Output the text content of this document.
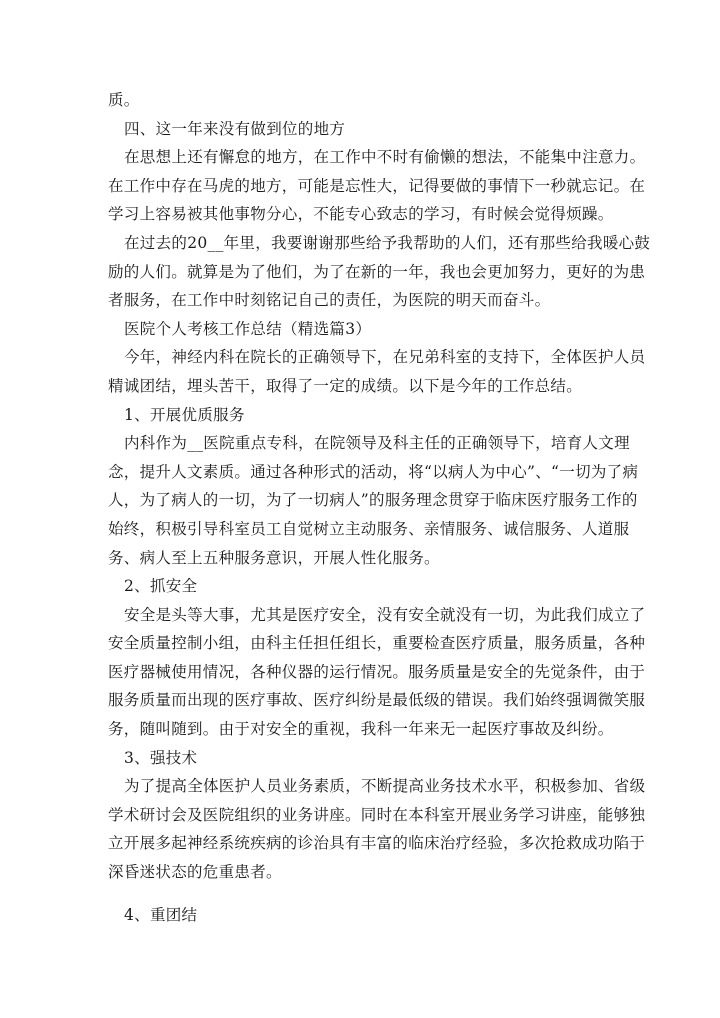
质。
四、这一年来没有做到位的地方
在思想上还有懈怠的地方，在工作中不时有偷懒的想法，不能集中注意力。
在工作中存在马虎的地方，可能是忘性大，记得要做的事情下一秒就忘记。在
学习上容易被其他事物分心，不能专心致志的学习，有时候会觉得烦躁。
在过去的20__年里，我要谢谢那些给予我帮助的人们，还有那些给我暖心鼓
励的人们。就算是为了他们，为了在新的一年，我也会更加努力，更好的为患
者服务，在工作中时刻铭记自己的责任，为医院的明天而奋斗。
医院个人考核工作总结（精选篇3）
今年，神经内科在院长的正确领导下，在兄弟科室的支持下，全体医护人员
精诚团结，埋头苦干，取得了一定的成绩。以下是今年的工作总结。
1、开展优质服务
内科作为__医院重点专科，在院领导及科主任的正确领导下，培育人文理
念，提升人文素质。通过各种形式的活动，将“以病人为中心”、“一切为了病
人，为了病人的一切，为了一切病人”的服务理念贯穿于临床医疗服务工作的
始终，积极引导科室员工自觉树立主动服务、亲情服务、诚信服务、人道服
务、病人至上五种服务意识，开展人性化服务。
2、抓安全
安全是头等大事，尤其是医疗安全，没有安全就没有一切，为此我们成立了
安全质量控制小组，由科主任担任组长，重要检查医疗质量，服务质量，各种
医疗器械使用情况，各种仪器的运行情况。服务质量是安全的先觉条件，由于
服务质量而出现的医疗事故、医疗纠纷是最低级的错误。我们始终强调微笑服
务，随叫随到。由于对安全的重视，我科一年来无一起医疗事故及纠纷。
3、强技术
为了提高全体医护人员业务素质，不断提高业务技术水平，积极参加、省级
学术研讨会及医院组织的业务讲座。同时在本科室开展业务学习讲座，能够独
立开展多起神经系统疾病的诊治具有丰富的临床治疗经验，多次抢救成功陷于
深昏迷状态的危重患者。
4、重团结
